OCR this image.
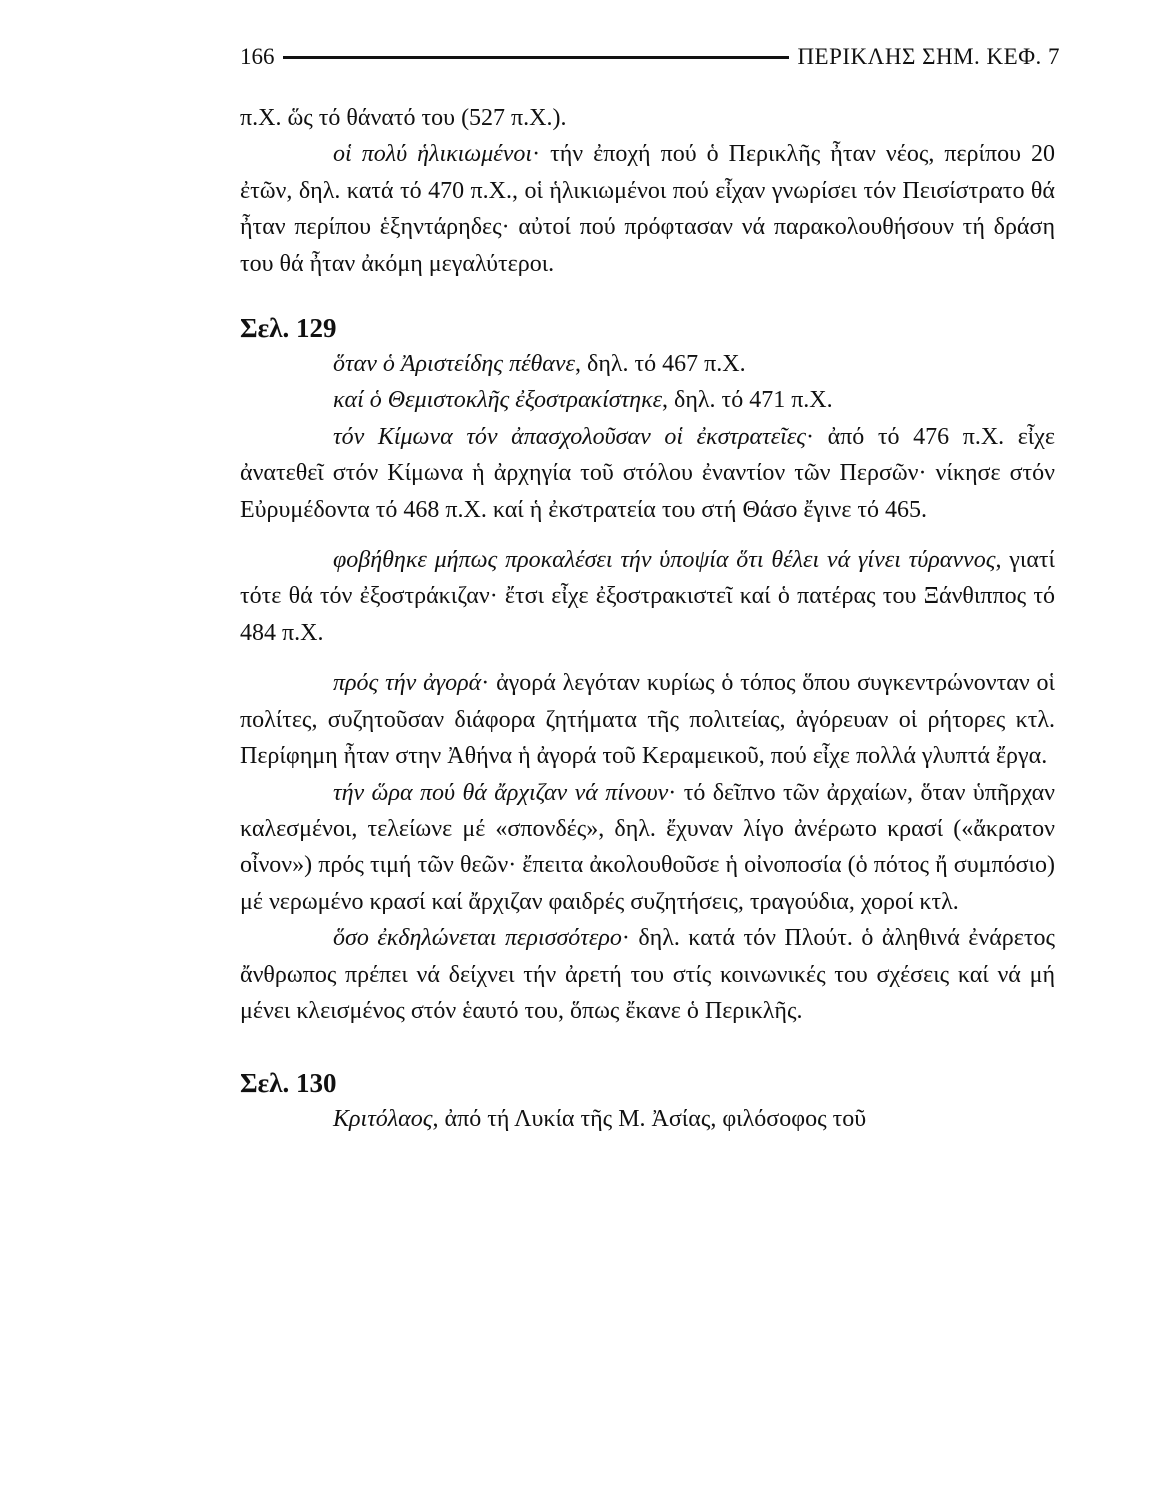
166	ΠΕΡΙΚΛΗΣ ΣΗΜ. ΚΕΦ. 7

π.Χ. ὥς τό θάνατό του (527 π.Χ.).

οἱ πολύ ἡλικιωμένοι· τήν ἐποχή πού ὁ Περικλῆς ἦταν νέος, περίπου 20 ἐτῶν, δηλ. κατά τό 470 π.Χ., οἱ ἡλικιωμένοι πού εἶχαν γνωρίσει τόν Πεισίστρατο θά ἦταν περίπου ἑξηντάρηδες· αὐτοί πού πρόφτασαν νά παρακολουθήσουν τή δράση του θά ἦταν ἀκόμη μεγαλύτεροι.

Σελ. 129

ὅταν ὁ Ἀριστείδης πέθανε, δηλ. τό 467 π.Χ.

καί ὁ Θεμιστοκλῆς ἐξοστρακίστηκε, δηλ. τό 471 π.Χ.

τόν Κίμωνα τόν ἀπασχολοῦσαν οἱ ἐκστρατεῖες· ἀπό τό 476 π.Χ. εἶχε ἀνατεθεῖ στόν Κίμωνα ἡ ἀρχηγία τοῦ στόλου ἐναντίον τῶν Περσῶν· νίκησε στόν Εὐρυμέδοντα τό 468 π.Χ. καί ἡ ἐκστρατεία του στή Θάσο ἔγινε τό 465.

φοβήθηκε μήπως προκαλέσει τήν ὑποψία ὅτι θέλει νά γίνει τύραννος, γιατί τότε θά τόν ἐξοστράκιζαν· ἔτσι εἶχε ἐξοστρακιστεῖ καί ὁ πατέρας του Ξάνθιππος τό 484 π.Χ.

πρός τήν ἀγορά· ἀγορά λεγόταν κυρίως ὁ τόπος ὅπου συγκεντρώνονταν οἱ πολίτες, συζητοῦσαν διάφορα ζητήματα τῆς πολιτείας, ἀγόρευαν οἱ ρήτορες κτλ. Περίφημη ἦταν στην Ἀθήνα ἡ ἀγορά τοῦ Κεραμεικοῦ, πού εἶχε πολλά γλυπτά ἔργα.

τήν ὥρα πού θά ἄρχιζαν νά πίνουν· τό δεῖπνο τῶν ἀρχαίων, ὅταν ὑπῆρχαν καλεσμένοι, τελείωνε μέ «σπονδές», δηλ. ἔχυναν λίγο ἀνέρωτο κρασί («ἄκρατον οἶνον») πρός τιμή τῶν θεῶν· ἔπειτα ἀκολουθοῦσε ἡ οἰνοποσία (ὁ πότος ἤ συμπόσιο) μέ νερωμένο κρασί καί ἄρχιζαν φαιδρές συζητήσεις, τραγούδια, χοροί κτλ.

ὅσο ἐκδηλώνεται περισσότερο· δηλ. κατά τόν Πλούτ. ὁ ἀληθινά ἐνάρετος ἄνθρωπος πρέπει νά δείχνει τήν ἀρετή του στίς κοινωνικές του σχέσεις καί νά μή μένει κλεισμένος στόν ἑαυτό του, ὅπως ἔκανε ὁ Περικλῆς.

Σελ. 130

Κριτόλαος, ἀπό τή Λυκία τῆς Μ. Ἀσίας, φιλόσοφος τοῦ
